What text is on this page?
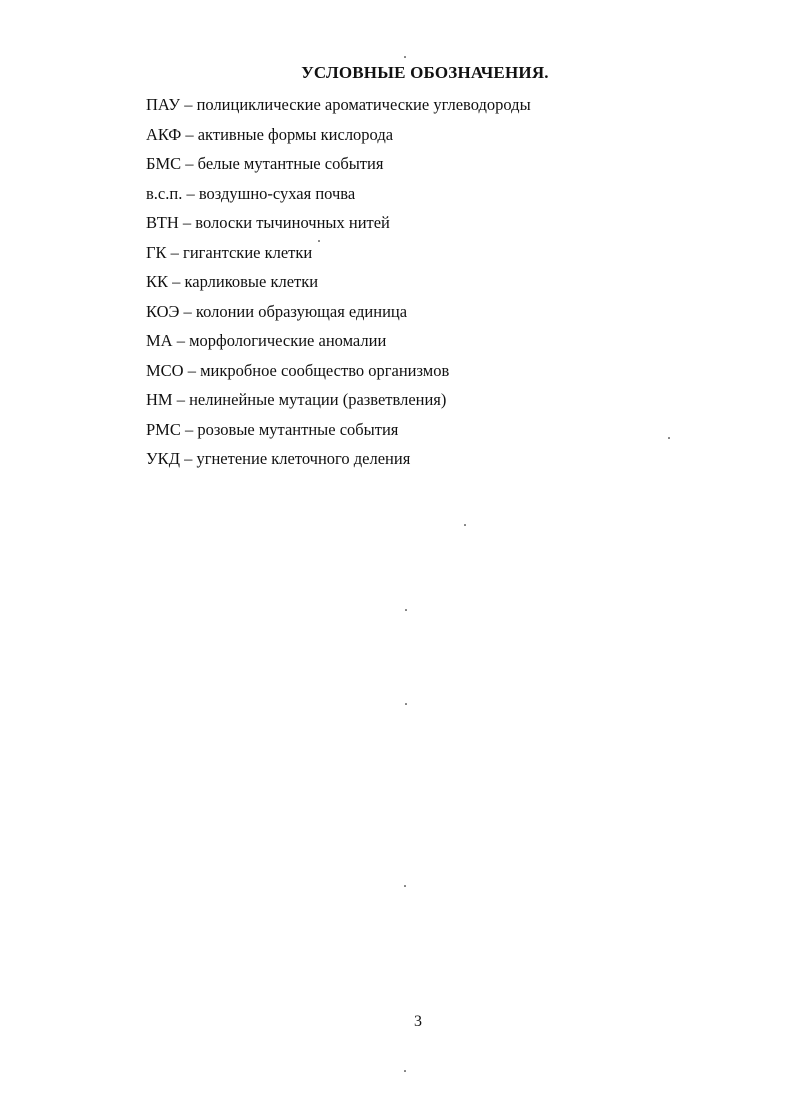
УСЛОВНЫЕ ОБОЗНАЧЕНИЯ.
ПАУ – полициклические ароматические углеводороды
АКФ – активные формы кислорода
БМС – белые мутантные события
в.с.п. – воздушно-сухая почва
ВТН – волоски тычиночных нитей
ГК – гигантские клетки
КК – карликовые клетки
КОЭ – колонии образующая единица
МА – морфологические аномалии
МСО – микробное сообщество организмов
НМ – нелинейные мутации (разветвления)
РМС – розовые мутантные события
УКД – угнетение клеточного деления
3
